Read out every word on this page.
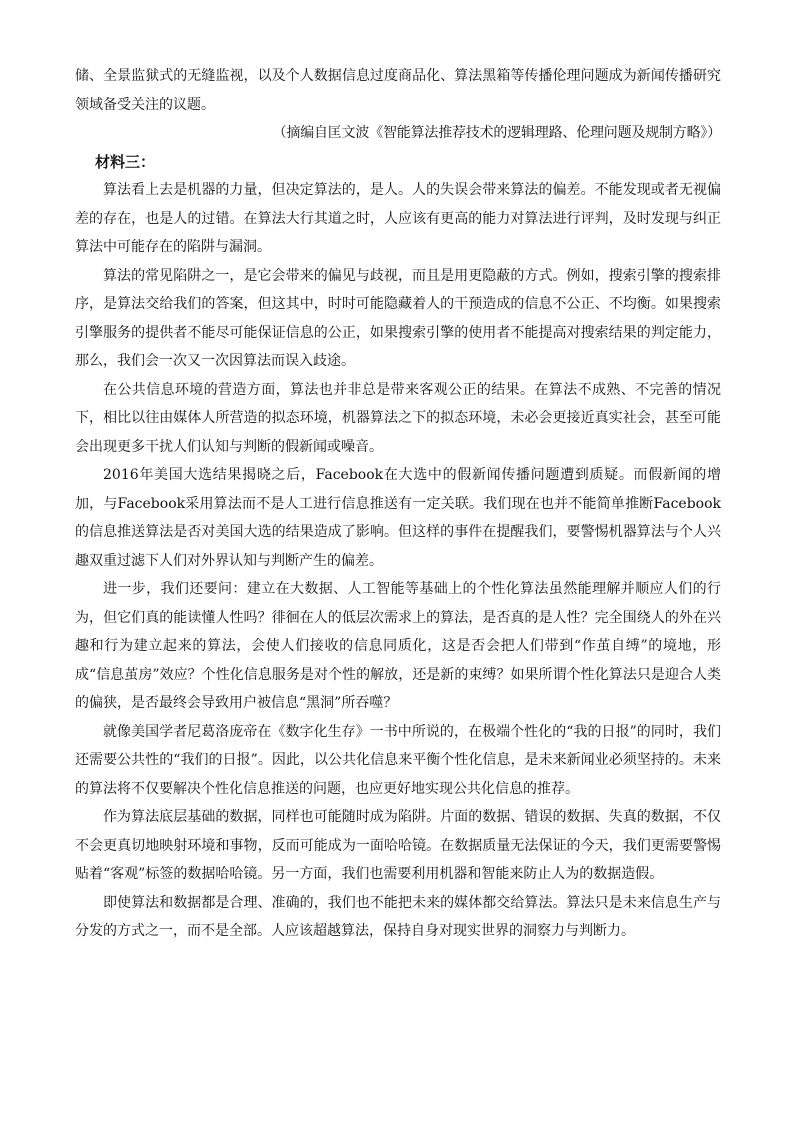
储、全景监狱式的无缝监视，以及个人数据信息过度商品化、算法黑箱等传播伦理问题成为新闻传播研究领域备受关注的议题。

（摘编自匡文波《智能算法推荐技术的逻辑理路、伦理问题及规制方略》）

材料三：

算法看上去是机器的力量，但决定算法的，是人。人的失误会带来算法的偏差。不能发现或者无视偏差的存在，也是人的过错。在算法大行其道之时，人应该有更高的能力对算法进行评判，及时发现与纠正算法中可能存在的陷阱与漏洞。

算法的常见陷阱之一，是它会带来的偏见与歧视，而且是用更隐蔽的方式。例如，搜索引擎的搜索排序，是算法交给我们的答案，但这其中，时时可能隐藏着人的干预造成的信息不公正、不均衡。如果搜索引擎服务的提供者不能尽可能保证信息的公正，如果搜索引擎的使用者不能提高对搜索结果的判定能力，那么，我们会一次又一次因算法而误入歧途。

在公共信息环境的营造方面，算法也并非总是带来客观公正的结果。在算法不成熟、不完善的情况下，相比以往由媒体人所营造的拟态环境，机器算法之下的拟态环境，未必会更接近真实社会，甚至可能会出现更多干扰人们认知与判断的假新闻或噪音。

2016年美国大选结果揭晓之后，Facebook在大选中的假新闻传播问题遭到质疑。而假新闻的增加，与Facebook采用算法而不是人工进行信息推送有一定关联。我们现在也并不能简单推断Facebook的信息推送算法是否对美国大选的结果造成了影响。但这样的事件在提醒我们，要警惕机器算法与个人兴趣双重过滤下人们对外界认知与判断产生的偏差。

进一步，我们还要问：建立在大数据、人工智能等基础上的个性化算法虽然能理解并顺应人们的行为，但它们真的能读懂人性吗？徘徊在人的低层次需求上的算法，是否真的是人性？完全围绕人的外在兴趣和行为建立起来的算法，会使人们接收的信息同质化，这是否会把人们带到“作茧自缚”的境地，形成“信息茧房”效应？个性化信息服务是对个性的解放，还是新的束缚？如果所谓个性化算法只是迎合人类的偏狭，是否最终会导致用户被信息“黑洞”所吞噬？

就像美国学者尼葛洛庞帝在《数字化生存》一书中所说的，在极端个性化的“我的日报”的同时，我们还需要公共性的“我们的日报”。因此，以公共化信息来平衡个性化信息，是未来新闻业必须坚持的。未来的算法将不仅要解决个性化信息推送的问题，也应更好地实现公共化信息的推荐。

作为算法底层基础的数据，同样也可能随时成为陷阱。片面的数据、错误的数据、失真的数据，不仅不会更真切地映射环境和事物，反而可能成为一面哈哈镜。在数据质量无法保证的今天，我们更需要警惕贴着“客观”标签的数据哈哈镜。另一方面，我们也需要利用机器和智能来防止人为的数据造假。

即使算法和数据都是合理、准确的，我们也不能把未来的媒体都交给算法。算法只是未来信息生产与分发的方式之一，而不是全部。人应该超越算法，保持自身对现实世界的洞察力与判断力。
